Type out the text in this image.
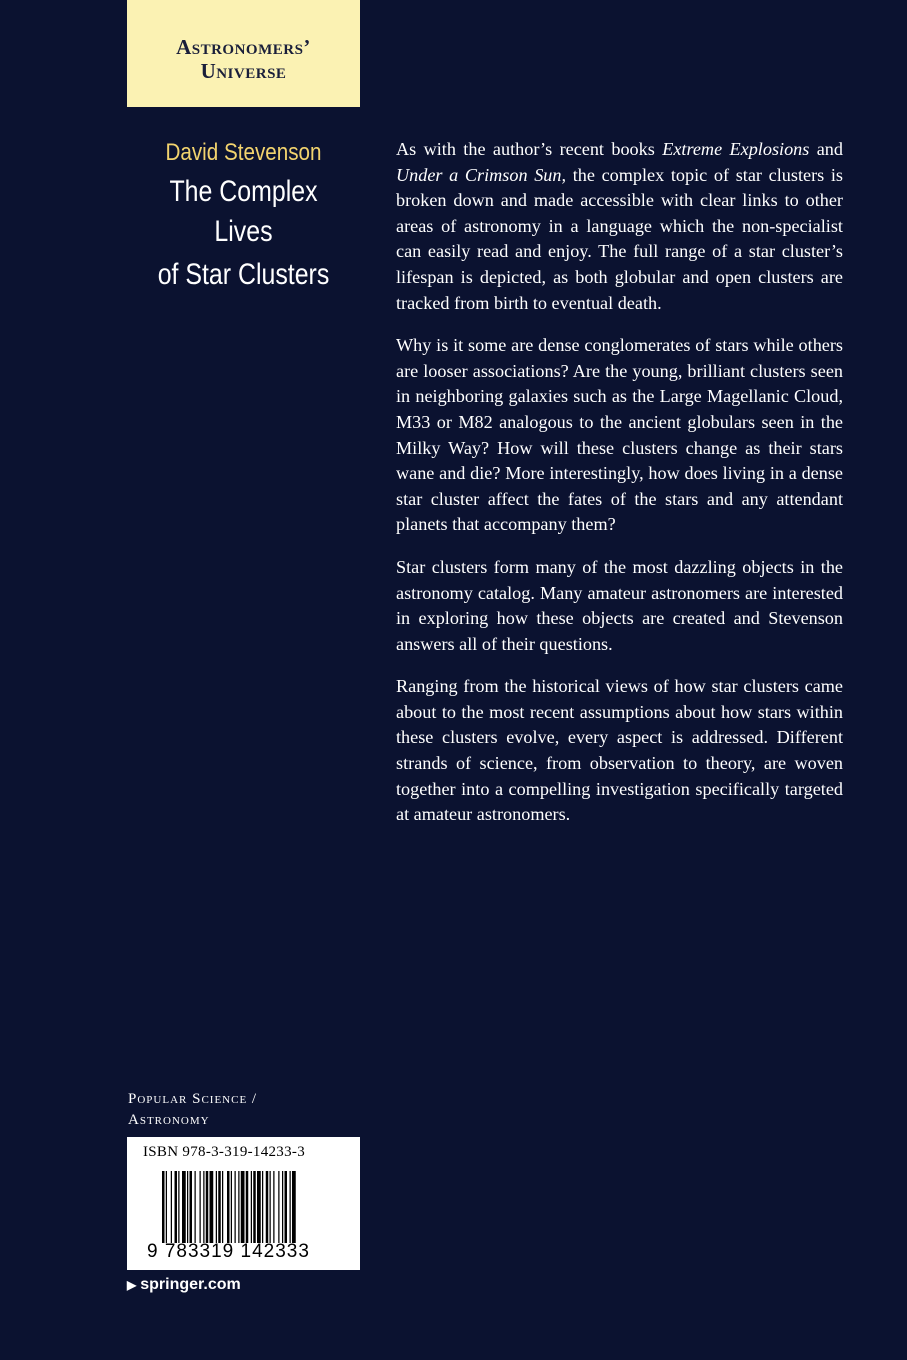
Astronomers’
Universe
David Stevenson
The Complex Lives
of Star Clusters

As with the author’s recent books Extreme Explosions and Under a Crimson Sun, the complex topic of star clusters is broken down and made accessible with clear links to other areas of astronomy in a language which the non-specialist can easily read and enjoy. The full range of a star cluster’s lifespan is depicted, as both globular and open clusters are tracked from birth to eventual death.

Why is it some are dense conglomerates of stars while others are looser associations? Are the young, brilliant clusters seen in neighboring galaxies such as the Large Magellanic Cloud, M33 or M82 analogous to the ancient globulars seen in the Milky Way? How will these clusters change as their stars wane and die? More interestingly, how does living in a dense star cluster affect the fates of the stars and any attendant planets that accompany them?

Star clusters form many of the most dazzling objects in the astronomy catalog. Many amateur astronomers are interested in exploring how these objects are created and Stevenson answers all of their questions.

Ranging from the historical views of how star clusters came about to the most recent assumptions about how stars within these clusters evolve, every aspect is addressed. Different strands of science, from observation to theory, are woven together into a compelling investigation specifically targeted at amateur astronomers.

Popular Science /
Astronomy
ISBN 978-3-319-14233-3
9 783319 142333
▶ springer.com
